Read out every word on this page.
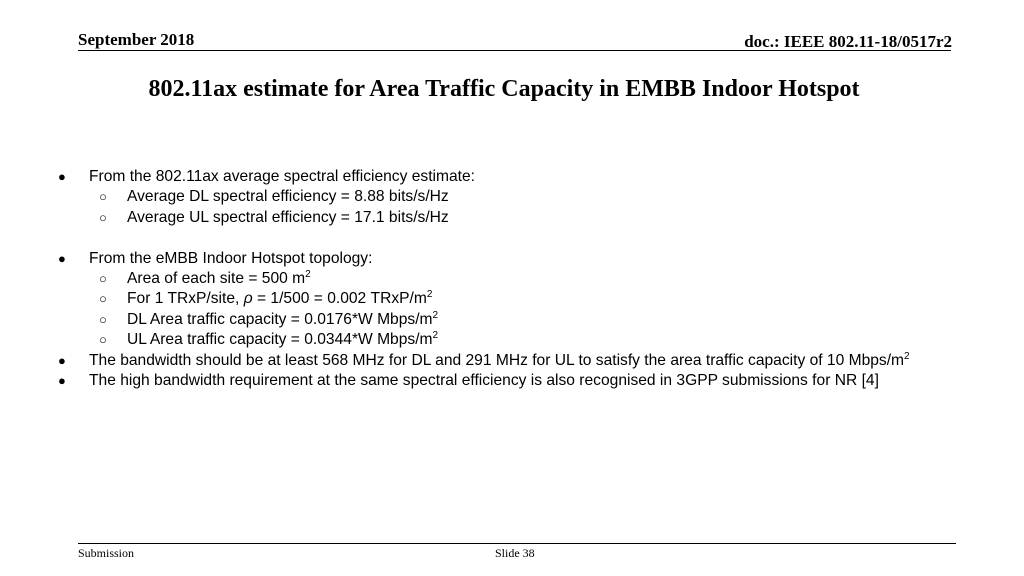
September 2018	doc.: IEEE 802.11-18/0517r2
802.11ax estimate for Area Traffic Capacity in EMBB Indoor Hotspot
● From the 802.11ax average spectral efficiency estimate:
○ Average DL spectral efficiency = 8.88 bits/s/Hz
○ Average UL spectral efficiency = 17.1 bits/s/Hz
● From the eMBB Indoor Hotspot topology:
○ Area of each site = 500 $m^2$
○ For 1 TRxP/site, ρ = 1/500 = 0.002 TRxP/$m^2$
○ DL Area traffic capacity = 0.0176*W Mbps/$m^2$
○ UL Area traffic capacity = 0.0344*W Mbps/$m^2$
● The bandwidth should be at least 568 MHz for DL and 291 MHz for UL to satisfy the area traffic capacity of 10 Mbps/$m^2$
● The high bandwidth requirement at the same spectral efficiency is also recognised in 3GPP submissions for NR [4]
Submission	Slide 38
